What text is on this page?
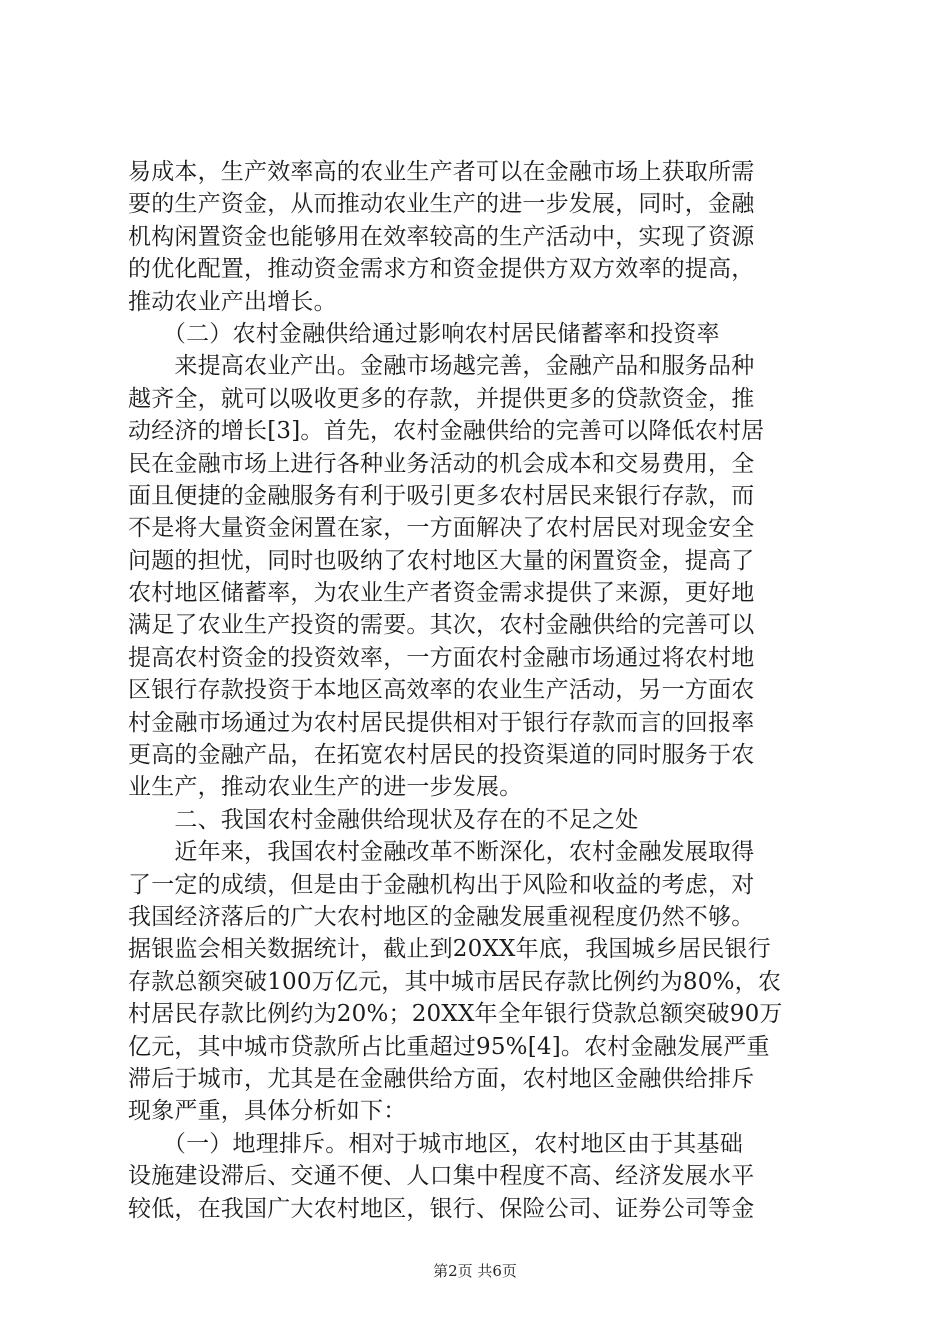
易成本，生产效率高的农业生产者可以在金融市场上获取所需
要的生产资金，从而推动农业生产的进一步发展，同时，金融
机构闲置资金也能够用在效率较高的生产活动中，实现了资源
的优化配置，推动资金需求方和资金提供方双方效率的提高，
推动农业产出增长。
　　（二）农村金融供给通过影响农村居民储蓄率和投资率
　　来提高农业产出。金融市场越完善，金融产品和服务品种
越齐全，就可以吸收更多的存款，并提供更多的贷款资金，推
动经济的增长[3]。首先，农村金融供给的完善可以降低农村居
民在金融市场上进行各种业务活动的机会成本和交易费用，全
面且便捷的金融服务有利于吸引更多农村居民来银行存款，而
不是将大量资金闲置在家，一方面解决了农村居民对现金安全
问题的担忧，同时也吸纳了农村地区大量的闲置资金，提高了
农村地区储蓄率，为农业生产者资金需求提供了来源，更好地
满足了农业生产投资的需要。其次，农村金融供给的完善可以
提高农村资金的投资效率，一方面农村金融市场通过将农村地
区银行存款投资于本地区高效率的农业生产活动，另一方面农
村金融市场通过为农村居民提供相对于银行存款而言的回报率
更高的金融产品，在拓宽农村居民的投资渠道的同时服务于农
业生产，推动农业生产的进一步发展。
　　二、我国农村金融供给现状及存在的不足之处
　　近年来，我国农村金融改革不断深化，农村金融发展取得
了一定的成绩，但是由于金融机构出于风险和收益的考虑，对
我国经济落后的广大农村地区的金融发展重视程度仍然不够。
据银监会相关数据统计，截止到20XX年底，我国城乡居民银行
存款总额突破100万亿元，其中城市居民存款比例约为80%，农
村居民存款比例约为20%；20XX年全年银行贷款总额突破90万
亿元，其中城市贷款所占比重超过95%[4]。农村金融发展严重
滞后于城市，尤其是在金融供给方面，农村地区金融供给排斥
现象严重，具体分析如下：
　　（一）地理排斥。相对于城市地区，农村地区由于其基础
设施建设滞后、交通不便、人口集中程度不高、经济发展水平
较低，在我国广大农村地区，银行、保险公司、证券公司等金
第2页 共6页
